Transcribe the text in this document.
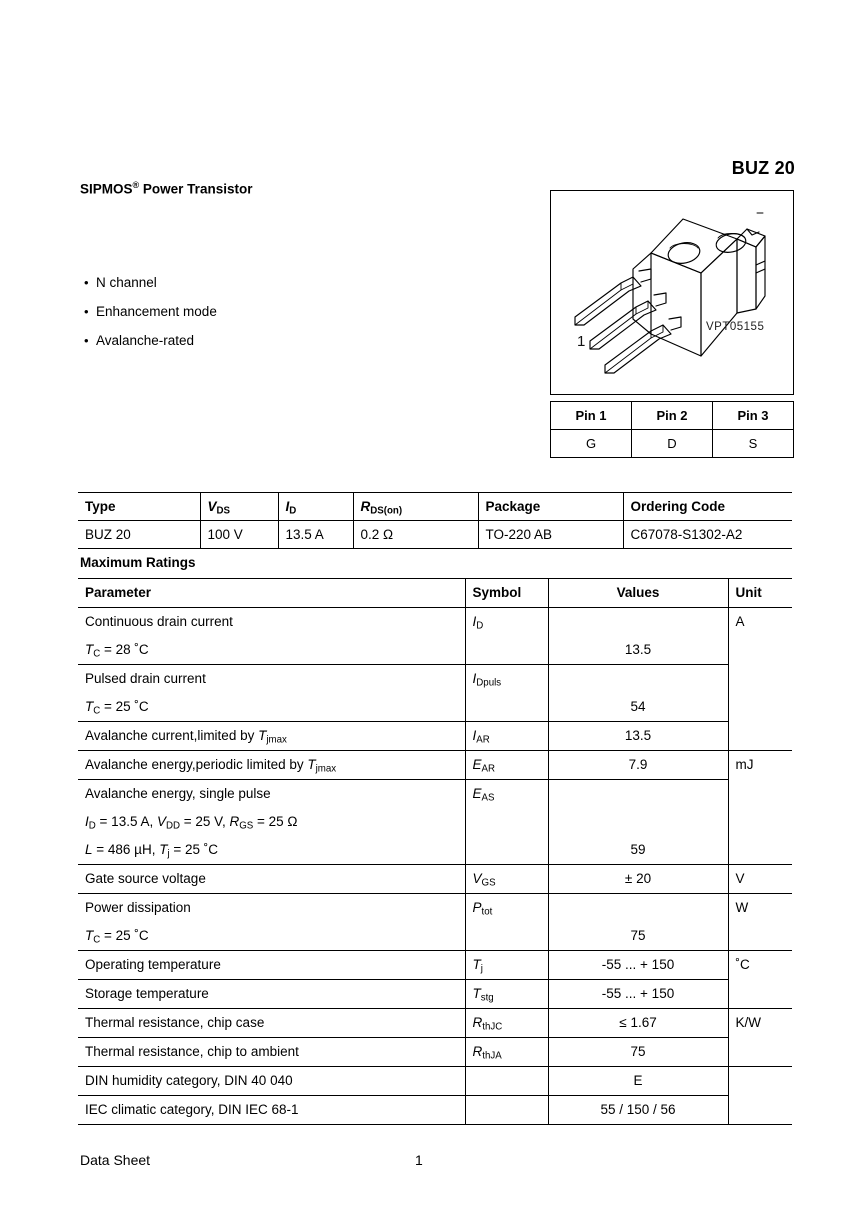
BUZ 20
SIPMOS® Power Transistor
• N channel
• Enhancement mode
• Avalanche-rated
VPT05155
1
Pin 1	Pin 2	Pin 3
G	D	S
Type	$V_{DS}$	$I_D$	$R_{DS(on)}$	Package	Ordering Code
BUZ 20	100 V	13.5 A	0.2 Ω	TO-220 AB	C67078-S1302-A2
Maximum Ratings
Parameter	Symbol	Values	Unit

Continuous drain current
$T_C = 28$ ˚C	$I_D$	13.5	A

Pulsed drain current
$T_C = 25$ ˚C	$I_{Dpuls}$	54	

Avalanche current,limited by $T_{jmax}$	$I_{AR}$	13.5	

Avalanche energy,periodic limited by $T_{jmax}$	$E_{AR}$	7.9	mJ

Avalanche energy, single pulse
$I_D = 13.5$ A, $V_{DD} = 25$ V, $R_{GS} = 25$ Ω
L = 486 µH, $T_j = 25$ ˚C	$E_{AS}$	59	

Gate source voltage	$V_{GS}$	± 20	V

Power dissipation
$T_C = 25$ ˚C	$P_{tot}$	75	W

Operating temperature	$T_j$	-55 ... + 150	˚C

Storage temperature	$T_{stg}$	-55 ... + 150	

Thermal resistance, chip case	$R_{thJC}$	≤ 1.67	K/W

Thermal resistance, chip to ambient	$R_{thJA}$	75	

DIN humidity category, DIN 40 040		E	

IEC climatic category, DIN IEC 68-1		55 / 150 / 56	

Data Sheet	1
